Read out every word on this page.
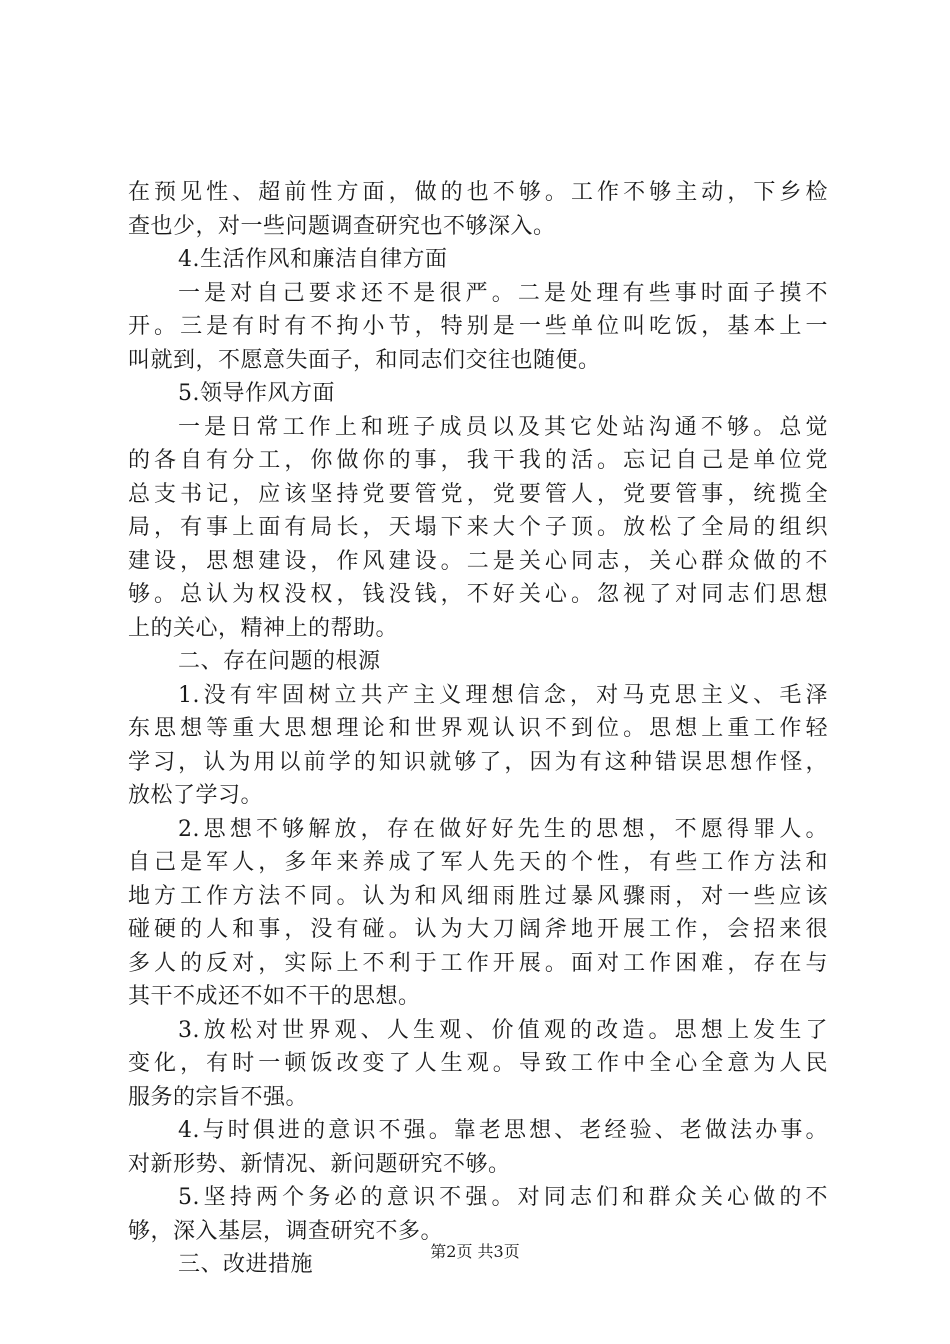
在预见性、超前性方面，做的也不够。工作不够主动，下乡检
查也少，对一些问题调查研究也不够深入。
4.生活作风和廉洁自律方面
一是对自己要求还不是很严。二是处理有些事时面子摸不
开。三是有时有不拘小节，特别是一些单位叫吃饭，基本上一
叫就到，不愿意失面子，和同志们交往也随便。
5.领导作风方面
一是日常工作上和班子成员以及其它处站沟通不够。总觉
的各自有分工，你做你的事，我干我的活。忘记自己是单位党
总支书记，应该坚持党要管党，党要管人，党要管事，统揽全
局，有事上面有局长，天塌下来大个子顶。放松了全局的组织
建设，思想建设，作风建设。二是关心同志，关心群众做的不
够。总认为权没权，钱没钱，不好关心。忽视了对同志们思想
上的关心，精神上的帮助。
二、存在问题的根源
1.没有牢固树立共产主义理想信念，对马克思主义、毛泽
东思想等重大思想理论和世界观认识不到位。思想上重工作轻
学习，认为用以前学的知识就够了，因为有这种错误思想作怪，
放松了学习。
2.思想不够解放，存在做好好先生的思想，不愿得罪人。
自己是军人，多年来养成了军人先天的个性，有些工作方法和
地方工作方法不同。认为和风细雨胜过暴风骤雨，对一些应该
碰硬的人和事，没有碰。认为大刀阔斧地开展工作，会招来很
多人的反对，实际上不利于工作开展。面对工作困难，存在与
其干不成还不如不干的思想。
3.放松对世界观、人生观、价值观的改造。思想上发生了
变化，有时一顿饭改变了人生观。导致工作中全心全意为人民
服务的宗旨不强。
4.与时俱进的意识不强。靠老思想、老经验、老做法办事。
对新形势、新情况、新问题研究不够。
5.坚持两个务必的意识不强。对同志们和群众关心做的不
够，深入基层，调查研究不多。
三、改进措施
第2页 共3页
